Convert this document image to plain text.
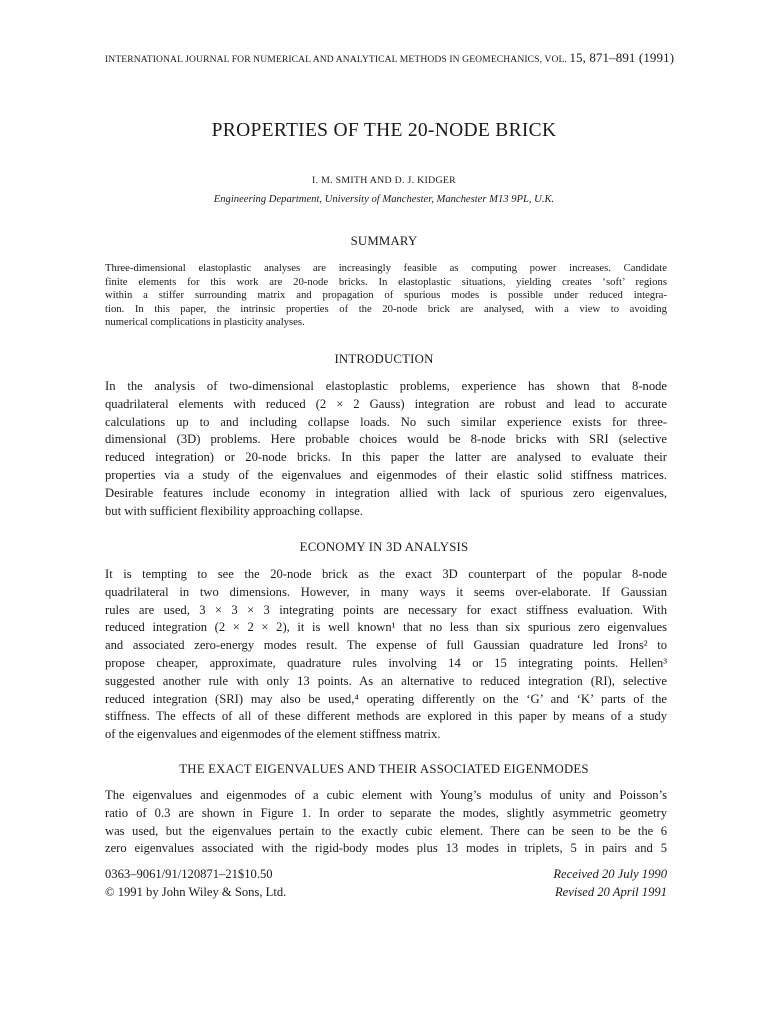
INTERNATIONAL JOURNAL FOR NUMERICAL AND ANALYTICAL METHODS IN GEOMECHANICS, VOL. 15, 871–891 (1991)
PROPERTIES OF THE 20-NODE BRICK
I. M. SMITH AND D. J. KIDGER
Engineering Department, University of Manchester, Manchester M13 9PL, U.K.
SUMMARY
Three-dimensional elastoplastic analyses are increasingly feasible as computing power increases. Candidate
finite elements for this work are 20-node bricks. In elastoplastic situations, yielding creates ‘soft’ regions
within a stiffer surrounding matrix and propagation of spurious modes is possible under reduced integra-
tion. In this paper, the intrinsic properties of the 20-node brick are analysed, with a view to avoiding
numerical complications in plasticity analyses.
INTRODUCTION
In the analysis of two-dimensional elastoplastic problems, experience has shown that 8-node
quadrilateral elements with reduced (2 × 2 Gauss) integration are robust and lead to accurate
calculations up to and including collapse loads. No such similar experience exists for three-
dimensional (3D) problems. Here probable choices would be 8-node bricks with SRI (selective
reduced integration) or 20-node bricks. In this paper the latter are analysed to evaluate their
properties via a study of the eigenvalues and eigenmodes of their elastic solid stiffness matrices.
Desirable features include economy in integration allied with lack of spurious zero eigenvalues,
but with sufficient flexibility approaching collapse.
ECONOMY IN 3D ANALYSIS
It is tempting to see the 20-node brick as the exact 3D counterpart of the popular 8-node
quadrilateral in two dimensions. However, in many ways it seems over-elaborate. If Gaussian
rules are used, 3 × 3 × 3 integrating points are necessary for exact stiffness evaluation. With
reduced integration (2 × 2 × 2), it is well known¹ that no less than six spurious zero eigenvalues
and associated zero-energy modes result. The expense of full Gaussian quadrature led Irons² to
propose cheaper, approximate, quadrature rules involving 14 or 15 integrating points. Hellen³
suggested another rule with only 13 points. As an alternative to reduced integration (RI), selective
reduced integration (SRI) may also be used,⁴ operating differently on the ‘G’ and ‘K’ parts of the
stiffness. The effects of all of these different methods are explored in this paper by means of a study
of the eigenvalues and eigenmodes of the element stiffness matrix.
THE EXACT EIGENVALUES AND THEIR ASSOCIATED EIGENMODES
The eigenvalues and eigenmodes of a cubic element with Young’s modulus of unity and Poisson’s
ratio of 0.3 are shown in Figure 1. In order to separate the modes, slightly asymmetric geometry
was used, but the eigenvalues pertain to the exactly cubic element. There can be seen to be the 6
zero eigenvalues associated with the rigid-body modes plus 13 modes in triplets, 5 in pairs and 5
0363–9061/91/120871–21$10.50
© 1991 by John Wiley & Sons, Ltd.
Received 20 July 1990
Revised 20 April 1991
